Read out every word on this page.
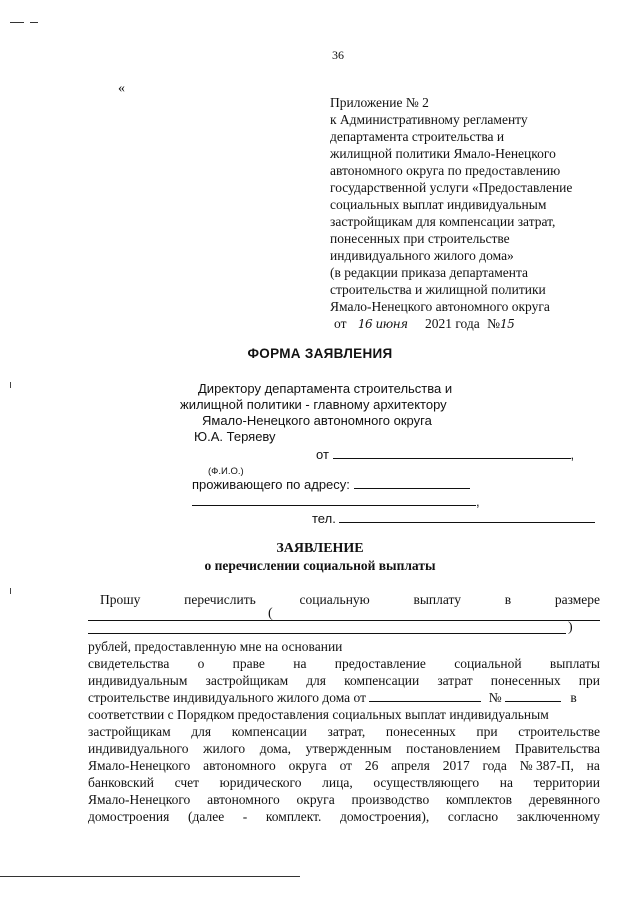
36
«
Приложение № 2
к Административному регламенту
департамента строительства и
жилищной политики Ямало-Ненецкого
автономного округа по предоставлению
государственной услуги «Предоставление
социальных выплат индивидуальным
застройщикам для компенсации затрат,
понесенных при строительстве
индивидуального жилого дома»
(в редакции приказа департамента
строительства и жилищной политики
Ямало-Ненецкого автономного округа
от 16 июня 2021 года №15
ФОРМА ЗАЯВЛЕНИЯ
Директору департамента строительства и
жилищной политики - главному архитектору
Ямало-Ненецкого автономного округа
Ю.А. Теряеву
от	,
(Ф.И.О.)
проживающего по адресу:
,
тел.
ЗАЯВЛЕНИЕ
о перечислении социальной выплаты
Прошу	перечислить	социальную	выплату	в	размере
(
)
рублей, предоставленную мне на основании
свидетельства о праве на предоставление социальной выплаты
индивидуальным застройщикам для компенсации затрат понесенных при
строительстве индивидуального жилого дома от	№	в
соответствии с Порядком предоставления социальных выплат индивидуальным
застройщикам для компенсации затрат, понесенных при строительстве
индивидуального жилого дома, утвержденным постановлением Правительства
Ямало-Ненецкого автономного округа от 26 апреля 2017 года № 387-П, на
банковский счет юридического лица, осуществляющего на территории
Ямало-Ненецкого автономного округа производство комплектов деревянного
домостроения (далее - комплект. домостроения), согласно заключенному
